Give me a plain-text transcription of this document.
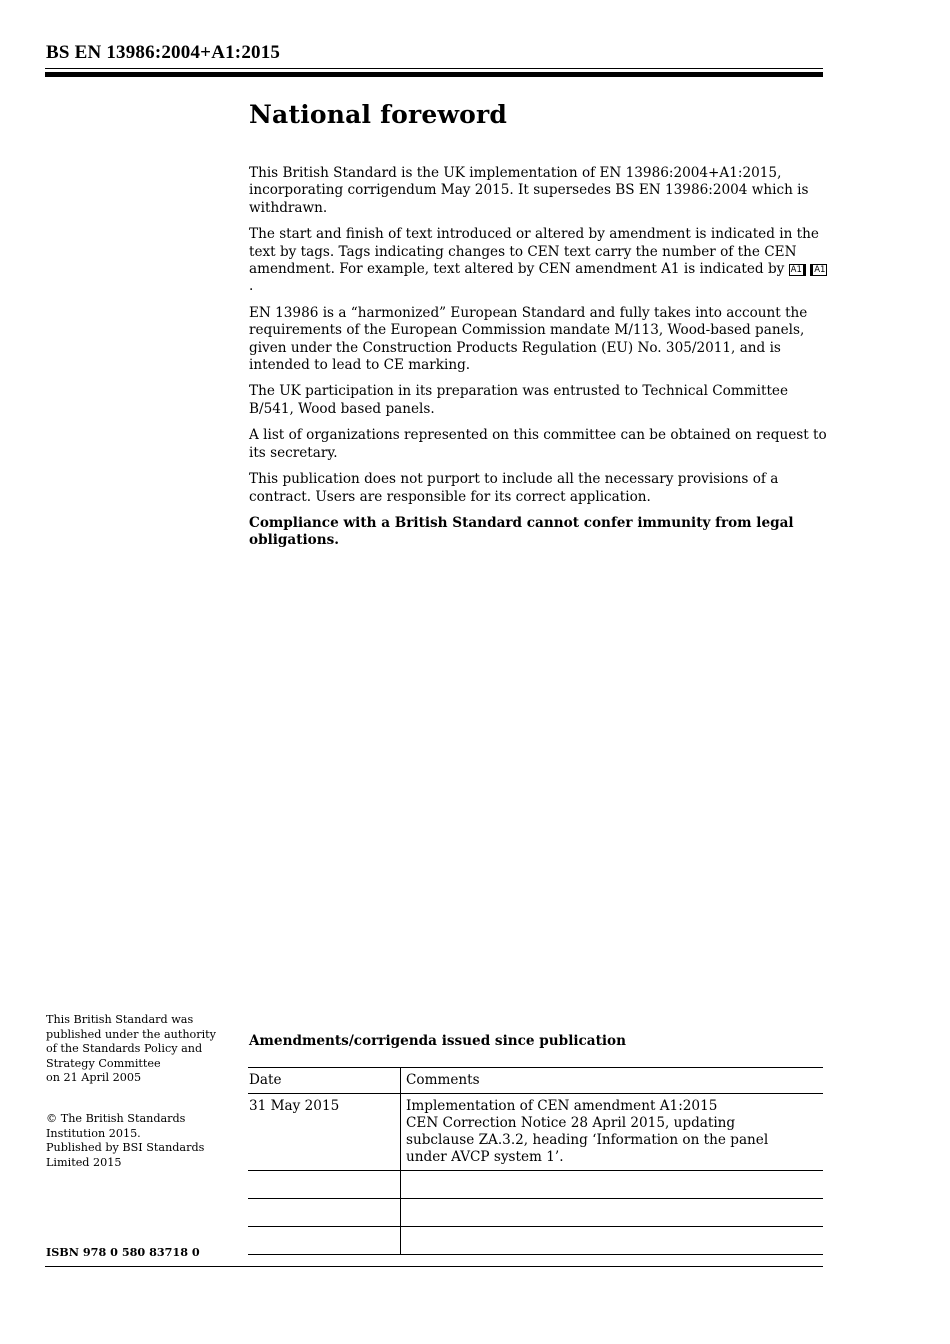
BS EN 13986:2004+A1:2015
National foreword

This British Standard is the UK implementation of EN 13986:2004+A1:2015, incorporating corrigendum May 2015. It supersedes BS EN 13986:2004 which is withdrawn.

The start and finish of text introduced or altered by amendment is indicated in the text by tags. Tags indicating changes to CEN text carry the number of the CEN amendment. For example, text altered by CEN amendment A1 is indicated by A1 A1.

EN 13986 is a “harmonized” European Standard and fully takes into account the requirements of the European Commission mandate M/113, Wood-based panels, given under the Construction Products Regulation (EU) No. 305/2011, and is intended to lead to CE marking.

The UK participation in its preparation was entrusted to Technical Committee B/541, Wood based panels.

A list of organizations represented on this committee can be obtained on request to its secretary.

This publication does not purport to include all the necessary provisions of a contract. Users are responsible for its correct application.

Compliance with a British Standard cannot confer immunity from legal obligations.

This British Standard was
published under the authority
of the Standards Policy and
Strategy Committee
on 21 April 2005
© The British Standards
Institution 2015.
Published by BSI Standards
Limited 2015
ISBN 978 0 580 83718 0
Amendments/corrigenda issued since publication
Date	Comments
31 May 2015	Implementation of CEN amendment A1:2015
CEN Correction Notice 28 April 2015, updating
subclause ZA.3.2, heading ‘Information on the panel
under AVCP system 1’.
